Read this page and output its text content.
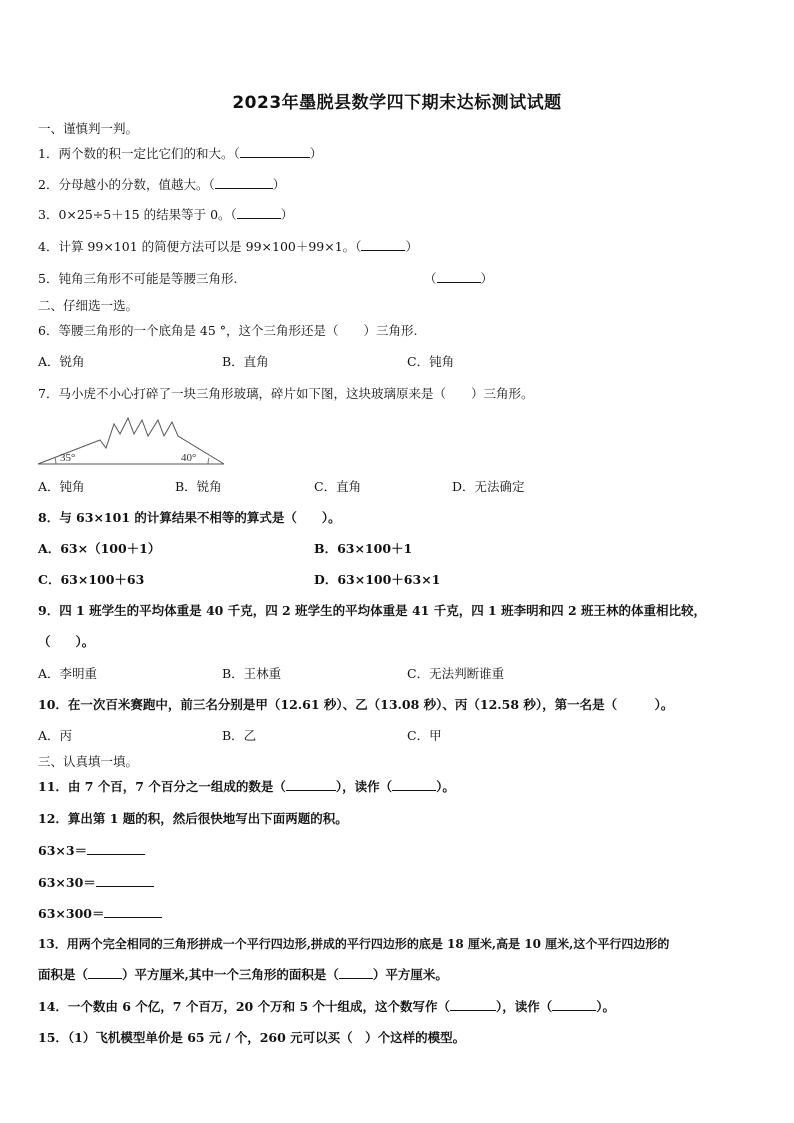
2023年墨脱县数学四下期末达标测试试题
一、谨慎判一判。
1．两个数的积一定比它们的和大。（	）
2．分母越小的分数，值越大。（	）
3．0×25÷5＋15 的结果等于 0。（	）
4．计算 99×101 的简便方法可以是 99×100＋99×1。（	）
5．钝角三角形不可能是等腰三角形.	（	）
二、仔细选一选。
6．等腰三角形的一个底角是 45 °，这个三角形还是（　　）三角形.
A．锐角	B．直角	C．钝角
7．马小虎不小心打碎了一块三角形玻璃，碎片如下图，这块玻璃原来是（　　）三角形。
35°	40°
A．钝角	B．锐角	C．直角	D．无法确定
8．与 63×101 的计算结果不相等的算式是（　　）。
A．63×（100＋1）	B．63×100＋1
C．63×100＋63	D．63×100＋63×1
9．四 1 班学生的平均体重是 40 千克，四 2 班学生的平均体重是 41 千克，四 1 班李明和四 2 班王林的体重相比较，
（　　）。
A．李明重	B．王林重	C．无法判断谁重
10．在一次百米赛跑中，前三名分别是甲（12.61 秒）、乙（13.08 秒）、丙（12.58 秒），第一名是（　　　）。
A．丙	B．乙	C．甲
三、认真填一填。
11．由 7 个百，7 个百分之一组成的数是（	），读作（	）。
12．算出第 1 题的积，然后很快地写出下面两题的积。
63×3＝
63×30＝
63×300＝
13．用两个完全相同的三角形拼成一个平行四边形,拼成的平行四边形的底是 18 厘米,高是 10 厘米,这个平行四边形的
面积是（	）平方厘米,其中一个三角形的面积是（	）平方厘米。
14．一个数由 6 个亿，7 个百万，20 个万和 5 个十组成，这个数写作（	），读作（	）。
15．（1）飞机模型单价是 65 元 / 个，260 元可以买（　）个这样的模型。
